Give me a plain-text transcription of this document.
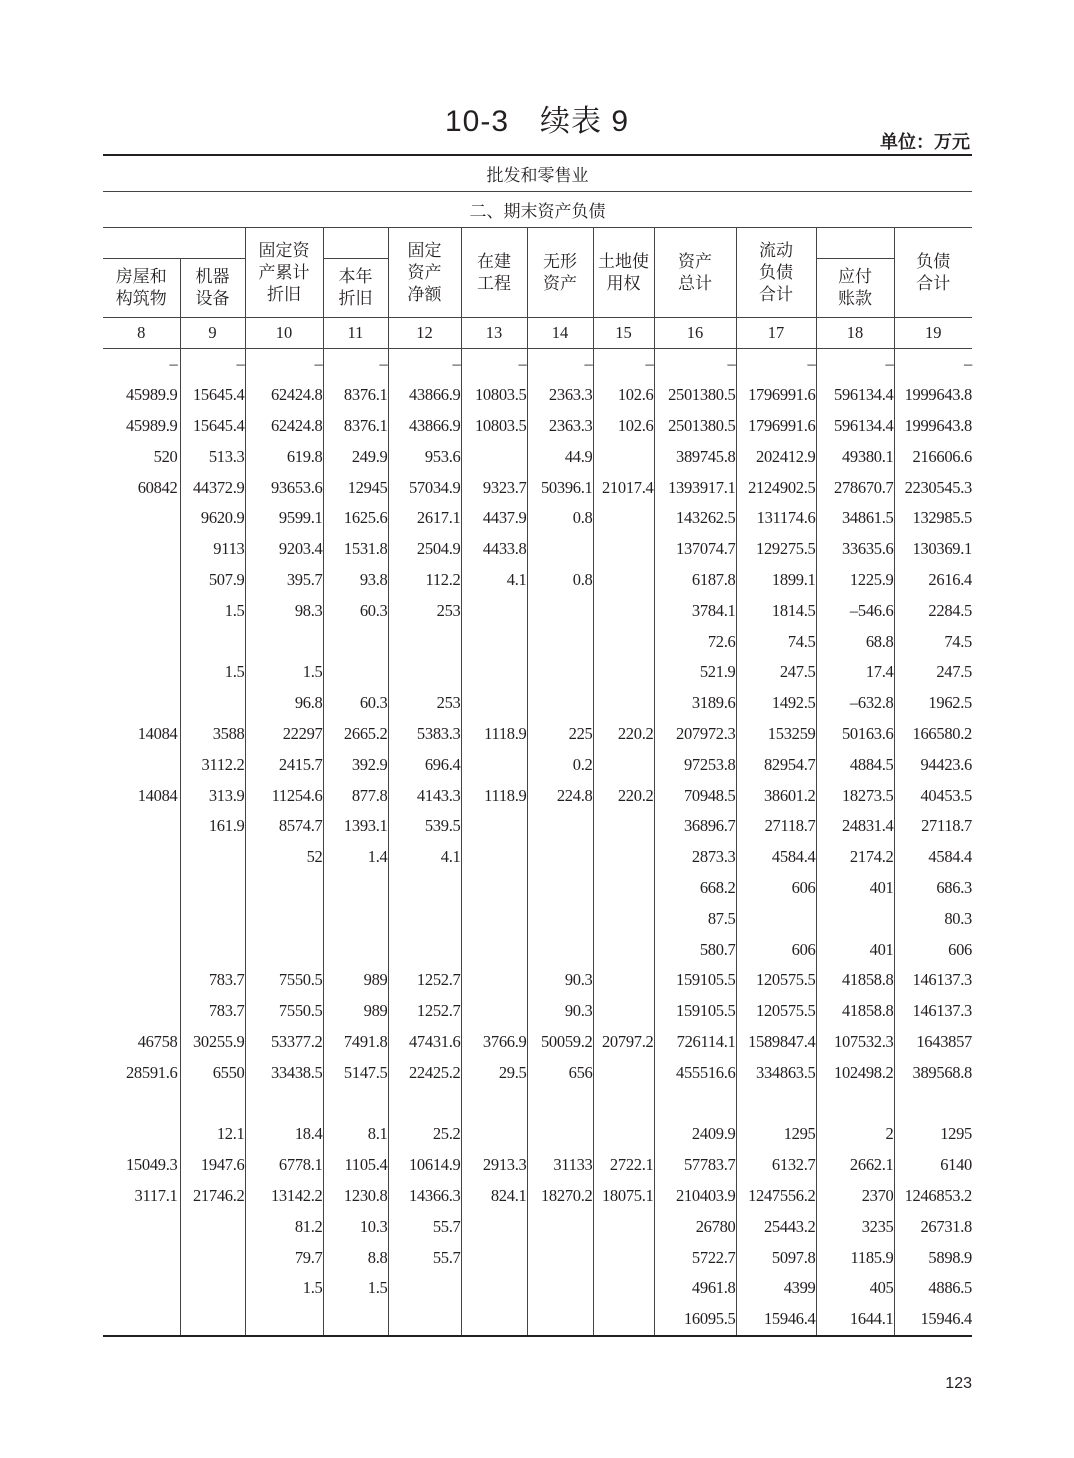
10-3　续表 9
单位：万元
批发和零售业											
二、期末资产负债											

		固定资产累计折旧		固定资产净额	在建工程	无形资产	土地使用权	资产总计	流动负债合计		负债合计

房屋和构筑物	机器设备		本年折旧							应付账款	

8	9	10	11	12	13	14	15	16	17	18	19
–	–	–	–	–	–	–	–	–	–	–	–
45989.9	15645.4	62424.8	8376.1	43866.9	10803.5	2363.3	102.6	2501380.5	1796991.6	596134.4	1999643.8
45989.9	15645.4	62424.8	8376.1	43866.9	10803.5	2363.3	102.6	2501380.5	1796991.6	596134.4	1999643.8
520	513.3	619.8	249.9	953.6		44.9		389745.8	202412.9	49380.1	216606.6
60842	44372.9	93653.6	12945	57034.9	9323.7	50396.1	21017.4	1393917.1	2124902.5	278670.7	2230545.3
	9620.9	9599.1	1625.6	2617.1	4437.9	0.8		143262.5	131174.6	34861.5	132985.5
	9113	9203.4	1531.8	2504.9	4433.8			137074.7	129275.5	33635.6	130369.1
	507.9	395.7	93.8	112.2	4.1	0.8		6187.8	1899.1	1225.9	2616.4
	1.5	98.3	60.3	253				3784.1	1814.5	–546.6	2284.5
								72.6	74.5	68.8	74.5
	1.5	1.5						521.9	247.5	17.4	247.5
		96.8	60.3	253				3189.6	1492.5	–632.8	1962.5
14084	3588	22297	2665.2	5383.3	1118.9	225	220.2	207972.3	153259	50163.6	166580.2
	3112.2	2415.7	392.9	696.4		0.2		97253.8	82954.7	4884.5	94423.6
14084	313.9	11254.6	877.8	4143.3	1118.9	224.8	220.2	70948.5	38601.2	18273.5	40453.5
	161.9	8574.7	1393.1	539.5				36896.7	27118.7	24831.4	27118.7
		52	1.4	4.1				2873.3	4584.4	2174.2	4584.4
								668.2	606	401	686.3
								87.5			80.3
								580.7	606	401	606
	783.7	7550.5	989	1252.7		90.3		159105.5	120575.5	41858.8	146137.3
	783.7	7550.5	989	1252.7		90.3		159105.5	120575.5	41858.8	146137.3
46758	30255.9	53377.2	7491.8	47431.6	3766.9	50059.2	20797.2	726114.1	1589847.4	107532.3	1643857
28591.6	6550	33438.5	5147.5	22425.2	29.5	656		455516.6	334863.5	102498.2	389568.8

	12.1	18.4	8.1	25.2				2409.9	1295	2	1295
15049.3	1947.6	6778.1	1105.4	10614.9	2913.3	31133	2722.1	57783.7	6132.7	2662.1	6140
3117.1	21746.2	13142.2	1230.8	14366.3	824.1	18270.2	18075.1	210403.9	1247556.2	2370	1246853.2
		81.2	10.3	55.7				26780	25443.2	3235	26731.8
		79.7	8.8	55.7				5722.7	5097.8	1185.9	5898.9
		1.5	1.5					4961.8	4399	405	4886.5
								16095.5	15946.4	1644.1	15946.4
123
